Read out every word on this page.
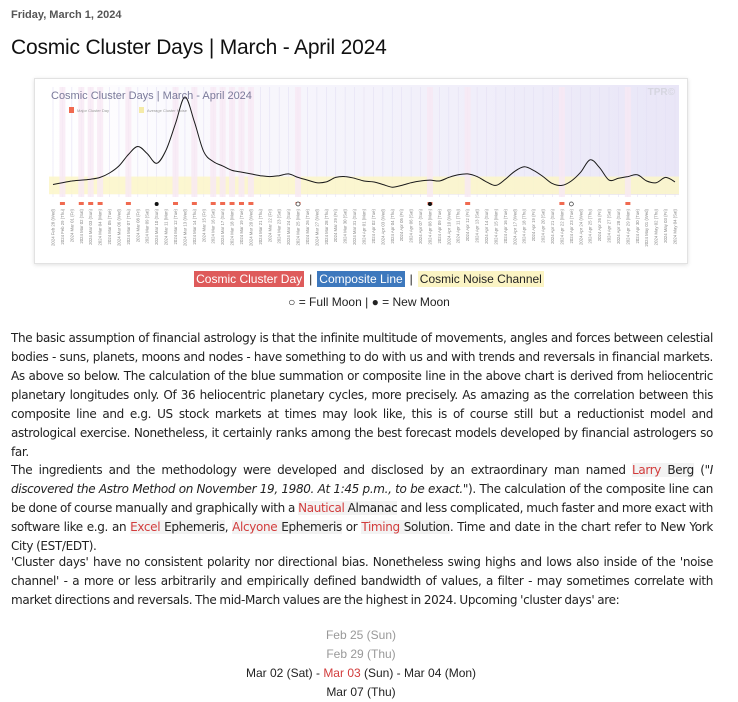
Friday, March 1, 2024
Cosmic Cluster Days | March - April 2024
Cosmic Cluster Days | March - April 2024	TPR©
Major Cluster Day	Average Cluster Noise
2024 Feb 28 (Wed) 2024 Feb 29 (Thu) 2024 Mar 01 (Fri) 2024 Mar 02 (Sat) 2024 Mar 03 (Sun) 2024 Mar 04 (Mon) 2024 Mar 05 (Tue) 2024 Mar 06 (Wed) 2024 Mar 07 (Thu) 2024 Mar 08 (Fri) 2024 Mar 09 (Sat) 2024 Mar 10 (Sun) 2024 Mar 11 (Mon) 2024 Mar 12 (Tue) 2024 Mar 13 (Wed) 2024 Mar 14 (Thu) 2024 Mar 15 (Fri) 2024 Mar 16 (Sat) 2024 Mar 17 (Sun) 2024 Mar 18 (Mon) 2024 Mar 19 (Tue) 2024 Mar 20 (Wed) 2024 Mar 21 (Thu) 2024 Mar 22 (Fri) 2024 Mar 23 (Sat) 2024 Mar 24 (Sun) 2024 Mar 25 (Mon) 2024 Mar 26 (Tue) 2024 Mar 27 (Wed) 2024 Mar 28 (Thu) 2024 Mar 29 (Fri) 2024 Mar 30 (Sat) 2024 Mar 31 (Sun) 2024 Apr 01 (Mon) 2024 Apr 02 (Tue) 2024 Apr 03 (Wed) 2024 Apr 04 (Thu) 2024 Apr 05 (Fri) 2024 Apr 06 (Sat) 2024 Apr 07 (Sun) 2024 Apr 08 (Mon) 2024 Apr 09 (Tue) 2024 Apr 10 (Wed) 2024 Apr 11 (Thu) 2024 Apr 12 (Fri) 2024 Apr 13 (Sat) 2024 Apr 14 (Sun) 2024 Apr 15 (Mon) 2024 Apr 16 (Tue) 2024 Apr 17 (Wed) 2024 Apr 18 (Thu) 2024 Apr 19 (Fri) 2024 Apr 20 (Sat) 2024 Apr 21 (Sun) 2024 Apr 22 (Mon) 2024 Apr 23 (Tue) 2024 Apr 24 (Wed) 2024 Apr 25 (Thu) 2024 Apr 26 (Fri) 2024 Apr 27 (Sat) 2024 Apr 28 (Sun) 2024 Apr 29 (Mon) 2024 Apr 30 (Tue) 2024 May 01 (Wed) 2024 May 02 (Thu) 2024 May 03 (Fri) 2024 May 04 (Sat)
Cosmic Cluster Day | Composite Line | Cosmic Noise Channel
○ = Full Moon | ● = New Moon

The basic assumption of financial astrology is that the infinite multitude of movements, angles and forces between celestial bodies - suns, planets, moons and nodes - have something to do with us and with trends and reversals in financial markets. As above so below. The calculation of the blue summation or composite line in the above chart is derived from heliocentric planetary longitudes only. Of 36 heliocentric planetary cycles, more precisely. As amazing as the correlation between this composite line and e.g. US stock markets at times may look like, this is of course still but a reductionist model and astrological exercise. Nonetheless, it certainly ranks among the best forecast models developed by financial astrologers so far.

The ingredients and the methodology were developed and disclosed by an extraordinary man named Larry Berg ("I discovered the Astro Method on November 19, 1980. At 1:45 p.m., to be exact."). The calculation of the composite line can be done of course manually and graphically with a Nautical Almanac and less complicated, much faster and more exact with software like e.g. an Excel Ephemeris, Alcyone Ephemeris or Timing Solution. Time and date in the chart refer to New York City (EST/EDT).

'Cluster days' have no consistent polarity nor directional bias. Nonetheless swing highs and lows also inside of the 'noise channel' - a more or less arbitrarily and empirically defined bandwidth of values, a filter - may sometimes correlate with market directions and reversals. The mid-March values are the highest in 2024. Upcoming 'cluster days' are:

Feb 25 (Sun)
Feb 29 (Thu)
Mar 02 (Sat) - Mar 03 (Sun) - Mar 04 (Mon)
Mar 07 (Thu)
